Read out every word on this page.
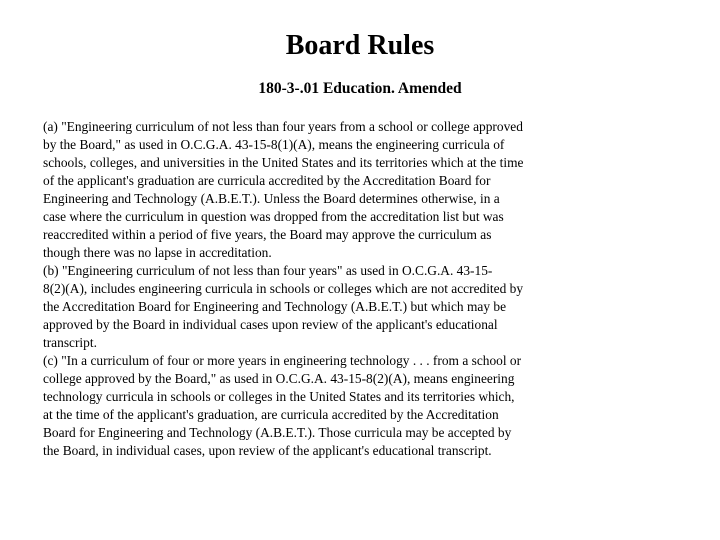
Board Rules
180-3-.01 Education. Amended
(a) "Engineering curriculum of not less than four years from a school or college approved
by the Board," as used in O.C.G.A. 43-15-8(1)(A), means the engineering curricula of
schools, colleges, and universities in the United States and its territories which at the time
of the applicant's graduation are curricula accredited by the Accreditation Board for
Engineering and Technology (A.B.E.T.). Unless the Board determines otherwise, in a
case where the curriculum in question was dropped from the accreditation list but was
reaccredited within a period of five years, the Board may approve the curriculum as
though there was no lapse in accreditation.
(b) "Engineering curriculum of not less than four years" as used in O.C.G.A. 43-15-
8(2)(A), includes engineering curricula in schools or colleges which are not accredited by
the Accreditation Board for Engineering and Technology (A.B.E.T.) but which may be
approved by the Board in individual cases upon review of the applicant's educational
transcript.
(c) "In a curriculum of four or more years in engineering technology . . . from a school or
college approved by the Board," as used in O.C.G.A. 43-15-8(2)(A), means engineering
technology curricula in schools or colleges in the United States and its territories which,
at the time of the applicant's graduation, are curricula accredited by the Accreditation
Board for Engineering and Technology (A.B.E.T.). Those curricula may be accepted by
the Board, in individual cases, upon review of the applicant's educational transcript.
